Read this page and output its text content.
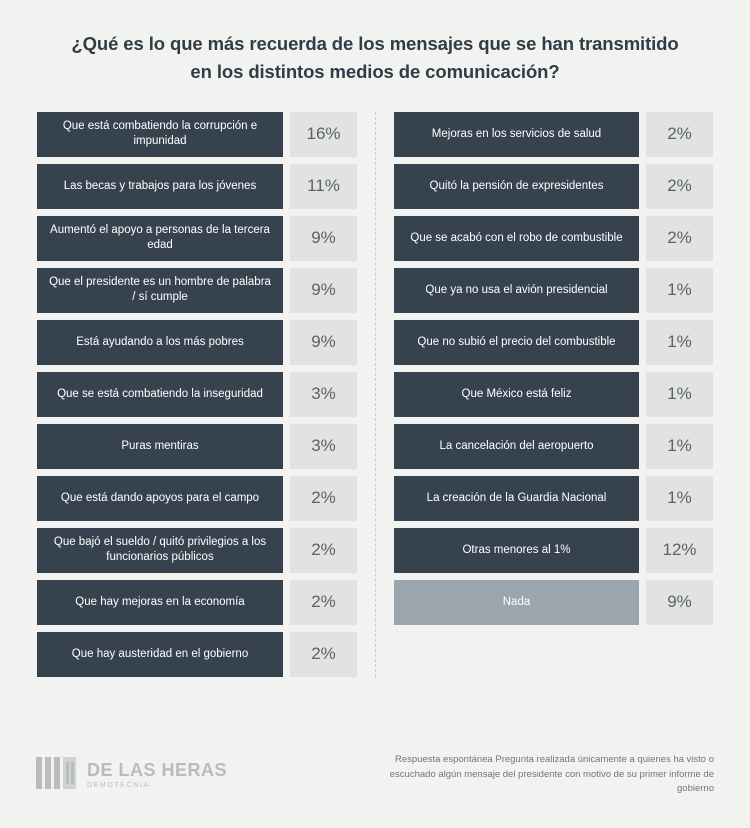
¿Qué es lo que más recuerda de los mensajes que se han transmitido en los distintos medios de comunicación?
Que está combatiendo la corrupción e impunidad	16%
Las becas y trabajos para los jóvenes	11%
Aumentó el apoyo a personas de la tercera edad	9%
Que el presidente es un hombre de palabra / sí cumple	9%
Está ayudando a los más pobres	9%
Que se está combatiendo la inseguridad	3%
Puras mentiras	3%
Que está dando apoyos para el campo	2%
Que bajó el sueldo / quitó privilegios a los funcionarios públicos	2%
Que hay mejoras en la economía	2%
Que hay austeridad en el gobierno	2%
Mejoras en los servicios de salud	2%
Quitó la pensión de expresidentes	2%
Que se acabó con el robo de combustible	2%
Que ya no usa el avión presidencial	1%
Que no subió el precio del combustible	1%
Que México está feliz	1%
La cancelación del aeropuerto	1%
La creación de la Guardia Nacional	1%
Otras menores al 1%	12%
Nada	9%
DE LAS HERAS
DEMOTECNIA
Respuesta espontánea Pregunta realizada únicamente a quienes ha visto o escuchado algún mensaje del presidente con motivo de su primer informe de gobierno
